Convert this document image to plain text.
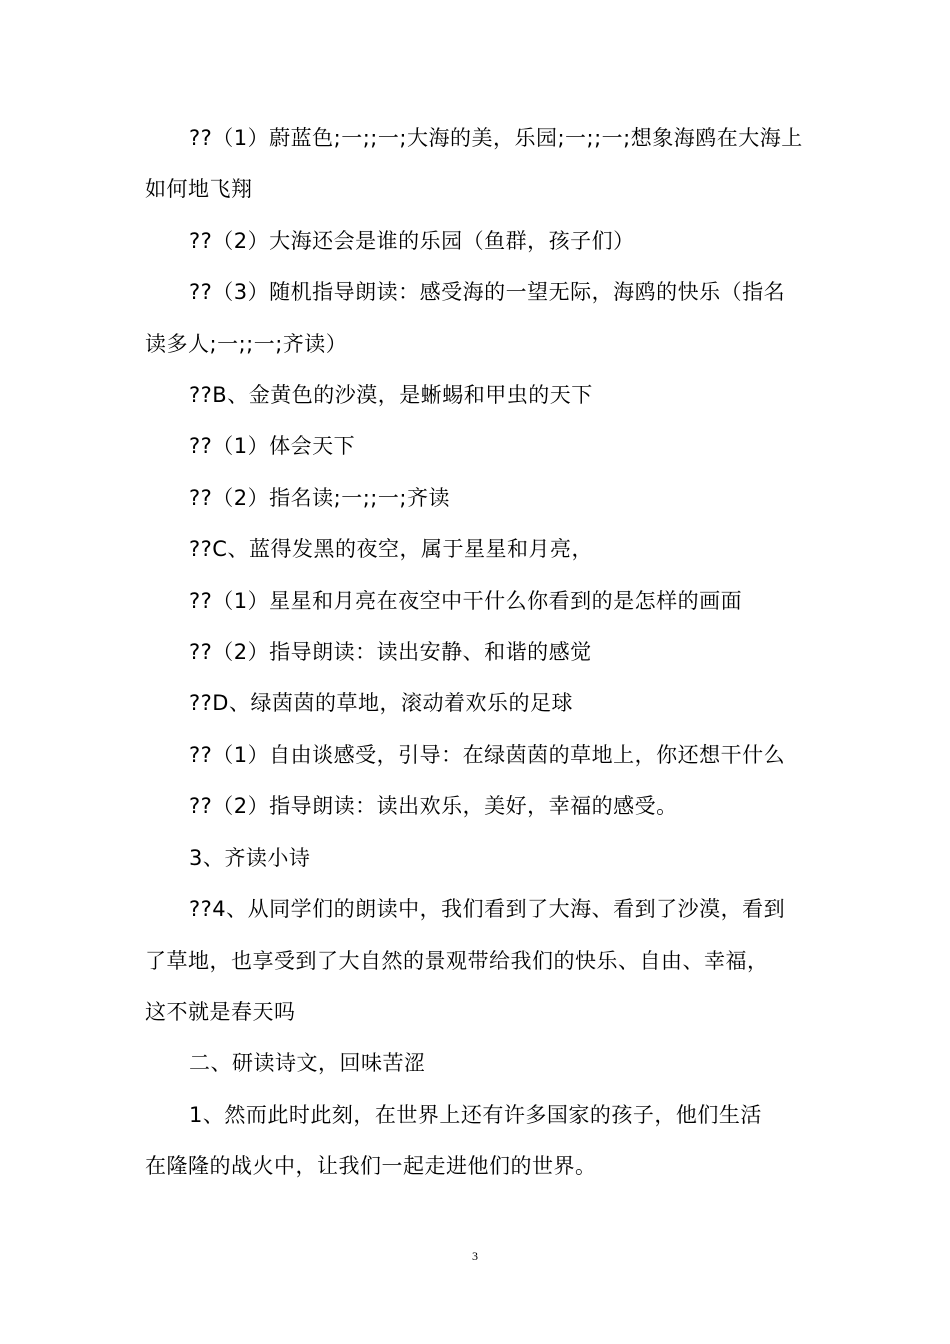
??（1）蔚蓝色;一;;一;大海的美，乐园;一;;一;想象海鸥在大海上
如何地飞翔
??（2）大海还会是谁的乐园（鱼群，孩子们）
??（3）随机指导朗读：感受海的一望无际，海鸥的快乐（指名
读多人;一;;一;齐读）
??B、金黄色的沙漠，是蜥蜴和甲虫的天下
??（1）体会天下
??（2）指名读;一;;一;齐读
??C、蓝得发黑的夜空，属于星星和月亮，
??（1）星星和月亮在夜空中干什么你看到的是怎样的画面
??（2）指导朗读：读出安静、和谐的感觉
??D、绿茵茵的草地，滚动着欢乐的足球
??（1）自由谈感受，引导：在绿茵茵的草地上，你还想干什么
??（2）指导朗读：读出欢乐，美好，幸福的感受。
3、齐读小诗
??4、从同学们的朗读中，我们看到了大海、看到了沙漠，看到
了草地，也享受到了大自然的景观带给我们的快乐、自由、幸福，
这不就是春天吗
二、研读诗文，回味苦涩
1、然而此时此刻，在世界上还有许多国家的孩子，他们生活
在隆隆的战火中，让我们一起走进他们的世界。
3
